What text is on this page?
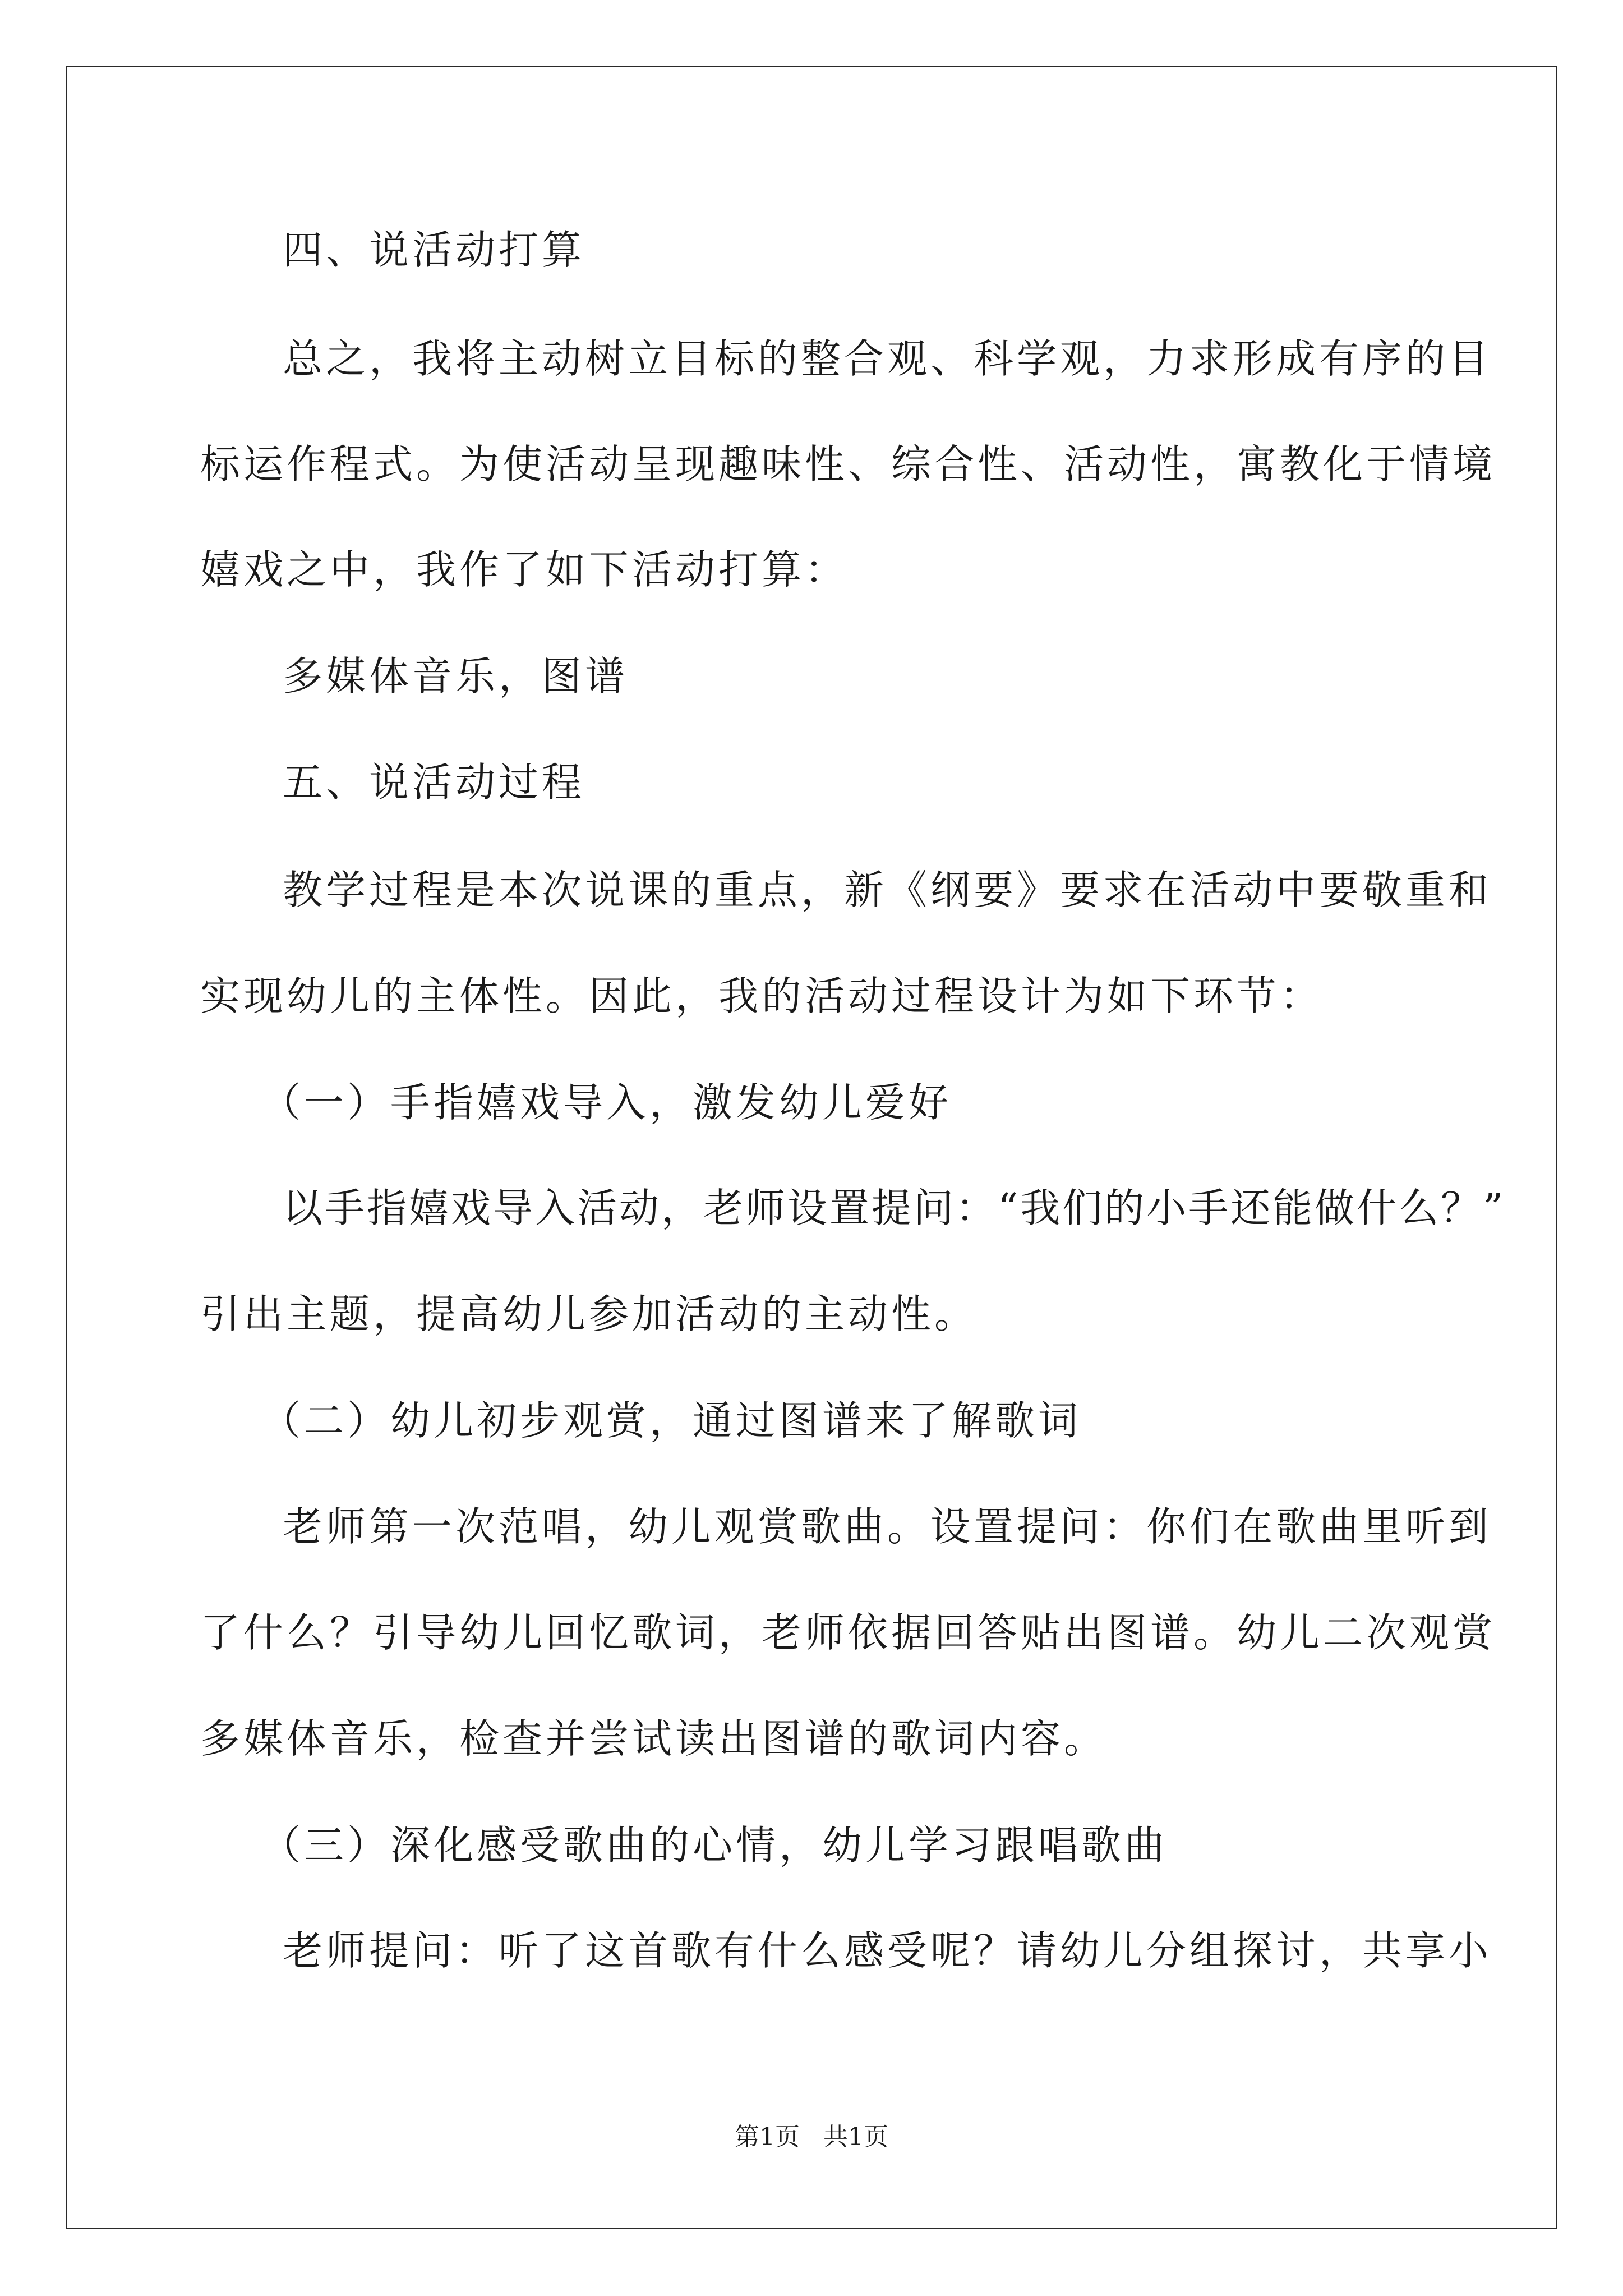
四、说活动打算
总之，我将主动树立目标的整合观、科学观，力求形成有序的目
标运作程式。为使活动呈现趣味性、综合性、活动性，寓教化于情境
嬉戏之中，我作了如下活动打算：
多媒体音乐，图谱
五、说活动过程
教学过程是本次说课的重点，新《纲要》要求在活动中要敬重和
实现幼儿的主体性。因此，我的活动过程设计为如下环节：
（一）手指嬉戏导入，激发幼儿爱好
以手指嬉戏导入活动，老师设置提问：“我们的小手还能做什么？”
引出主题，提高幼儿参加活动的主动性。
（二）幼儿初步观赏，通过图谱来了解歌词
老师第一次范唱，幼儿观赏歌曲。设置提问：你们在歌曲里听到
了什么？引导幼儿回忆歌词，老师依据回答贴出图谱。幼儿二次观赏
多媒体音乐，检查并尝试读出图谱的歌词内容。
（三）深化感受歌曲的心情，幼儿学习跟唱歌曲
老师提问：听了这首歌有什么感受呢？请幼儿分组探讨，共享小
第1页   共1页
